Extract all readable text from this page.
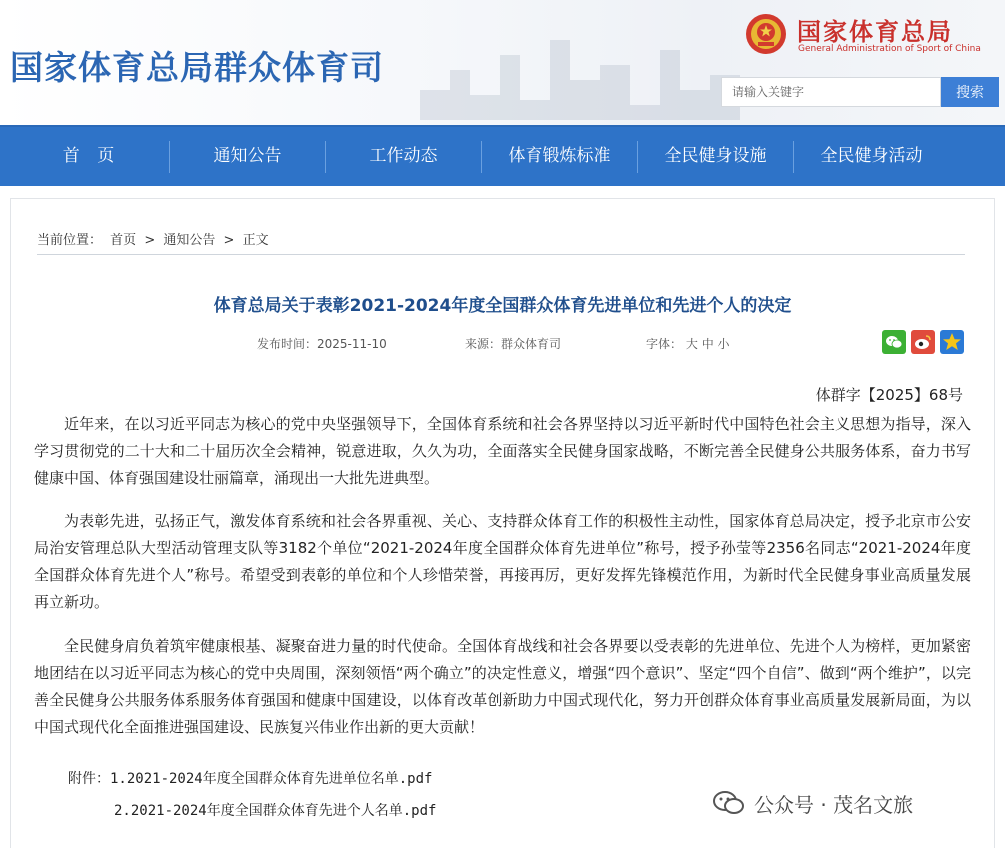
国家体育总局群众体育司
国家体育总局
General Administration of Sport of China
请输入关键字
搜索
首 页	通知公告	工作动态	体育锻炼标准	全民健身设施	全民健身活动
当前位置： 首页 > 通知公告 > 正文
体育总局关于表彰2021-2024年度全国群众体育先进单位和先进个人的决定
发布时间：2025-11-10	来源：群众体育司	字体： 大 中 小
体群字【2025】68号
近年来，在以习近平同志为核心的党中央坚强领导下，全国体育系统和社会各界坚持以习近平新时代中国特色社会主义思想为指导，深入学习贯彻党的二十大和二十届历次全会精神，锐意进取，久久为功，全面落实全民健身国家战略，不断完善全民健身公共服务体系，奋力书写健康中国、体育强国建设壮丽篇章，涌现出一大批先进典型。
为表彰先进，弘扬正气，激发体育系统和社会各界重视、关心、支持群众体育工作的积极性主动性，国家体育总局决定，授予北京市公安局治安管理总队大型活动管理支队等3182个单位“2021-2024年度全国群众体育先进单位”称号，授予孙莹等2356名同志“2021-2024年度全国群众体育先进个人”称号。希望受到表彰的单位和个人珍惜荣誉，再接再厉，更好发挥先锋模范作用，为新时代全民健身事业高质量发展再立新功。
全民健身肩负着筑牢健康根基、凝聚奋进力量的时代使命。全国体育战线和社会各界要以受表彰的先进单位、先进个人为榜样，更加紧密地团结在以习近平同志为核心的党中央周围，深刻领悟“两个确立”的决定性意义，增强“四个意识”、坚定“四个自信”、做到“两个维护”，以完善全民健身公共服务体系服务体育强国和健康中国建设，以体育改革创新助力中国式现代化，努力开创群众体育事业高质量发展新局面，为以中国式现代化全面推进强国建设、民族复兴伟业作出新的更大贡献！
附件：1.2021-2024年度全国群众体育先进单位名单.pdf
2.2021-2024年度全国群众体育先进个人名单.pdf	公众号 · 茂名文旅
